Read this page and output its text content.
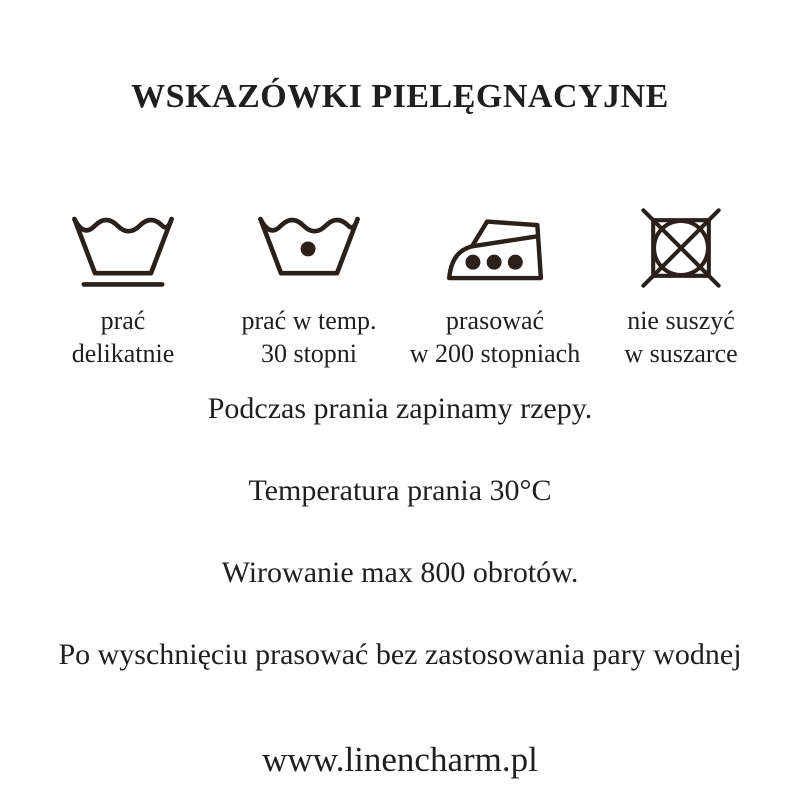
WSKAZÓWKI PIELĘGNACYJNE
prać
delikatnie
prać w temp.
30 stopni
prasować
w 200 stopniach
nie suszyć
w suszarce

Podczas prania zapinamy rzepy.

Temperatura prania 30°C

Wirowanie max 800 obrotów.

Po wyschnięciu prasować bez zastosowania pary wodnej

www.linencharm.pl
